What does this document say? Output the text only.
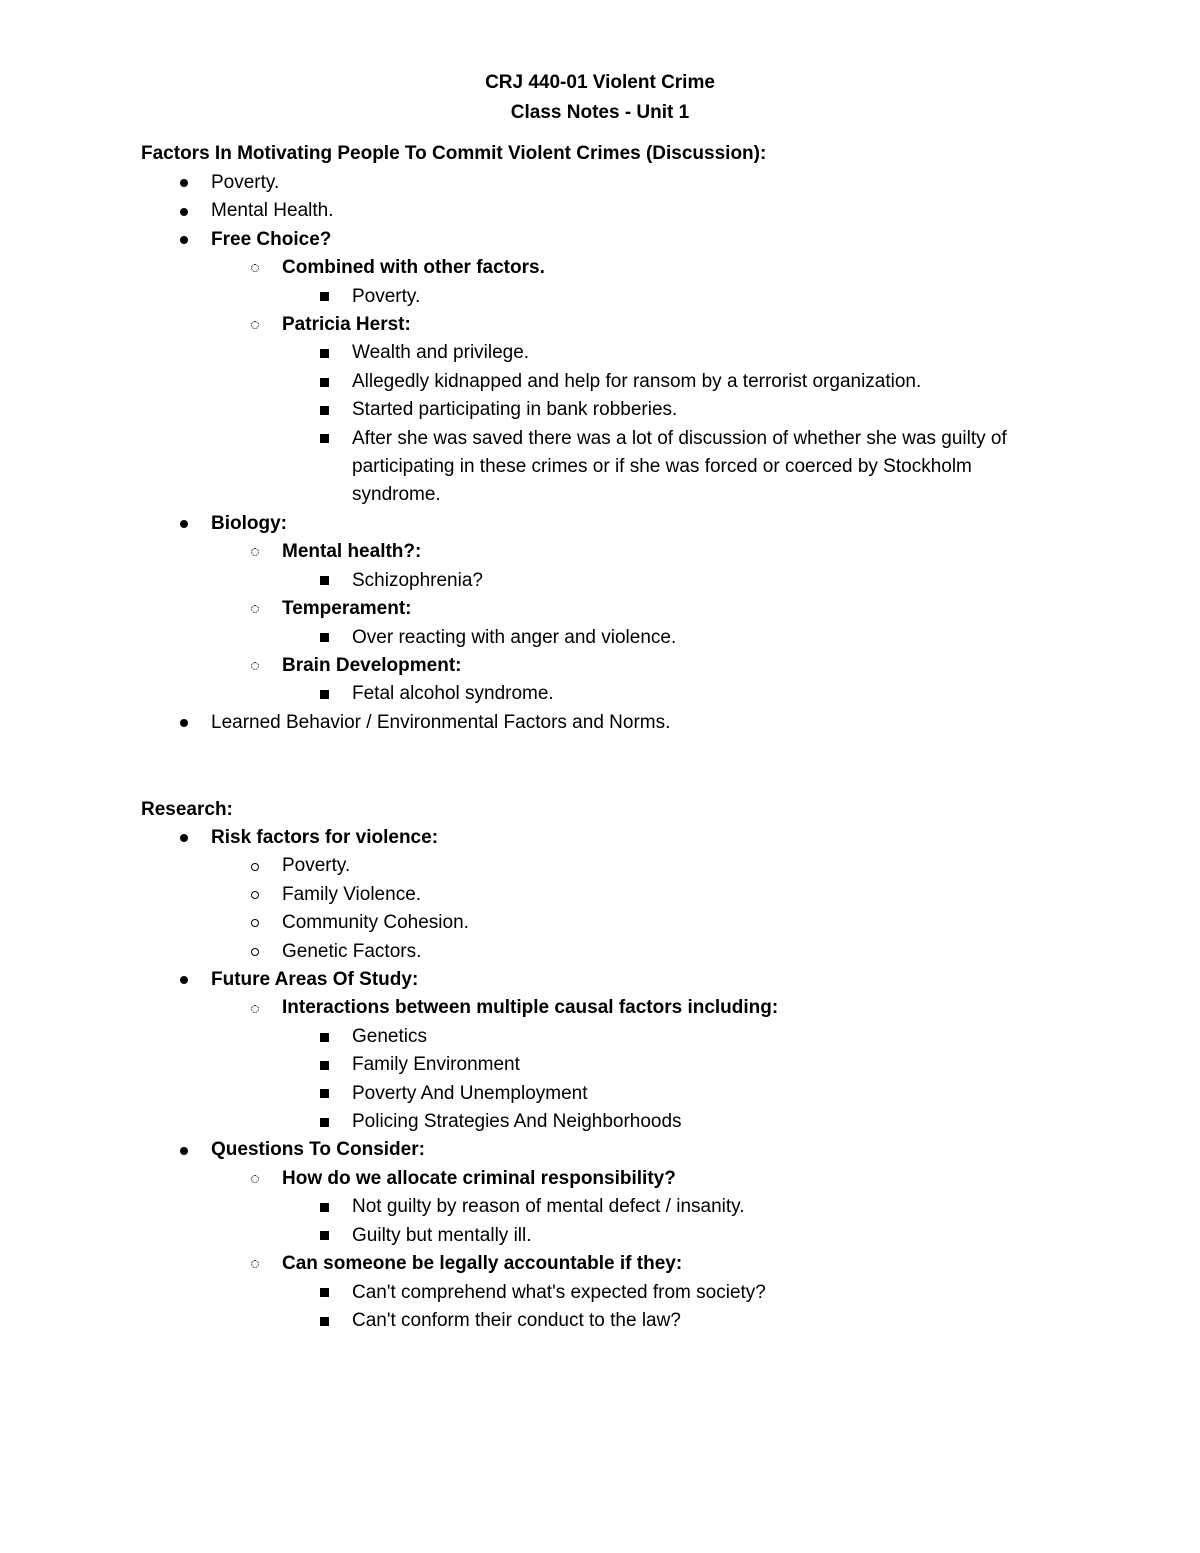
CRJ 440-01 Violent Crime
Class Notes - Unit 1
Factors In Motivating People To Commit Violent Crimes (Discussion):
Poverty.
Mental Health.
Free Choice?
Combined with other factors.
Poverty.
Patricia Herst:
Wealth and privilege.
Allegedly kidnapped and help for ransom by a terrorist organization.
Started participating in bank robberies.
After she was saved there was a lot of discussion of whether she was guilty of participating in these crimes or if she was forced or coerced by Stockholm syndrome.
Biology:
Mental health?:
Schizophrenia?
Temperament:
Over reacting with anger and violence.
Brain Development:
Fetal alcohol syndrome.
Learned Behavior / Environmental Factors and Norms.
Research:
Risk factors for violence:
Poverty.
Family Violence.
Community Cohesion.
Genetic Factors.
Future Areas Of Study:
Interactions between multiple causal factors including:
Genetics
Family Environment
Poverty And Unemployment
Policing Strategies And Neighborhoods
Questions To Consider:
How do we allocate criminal responsibility?
Not guilty by reason of mental defect / insanity.
Guilty but mentally ill.
Can someone be legally accountable if they:
Can't comprehend what's expected from society?
Can't conform their conduct to the law?
